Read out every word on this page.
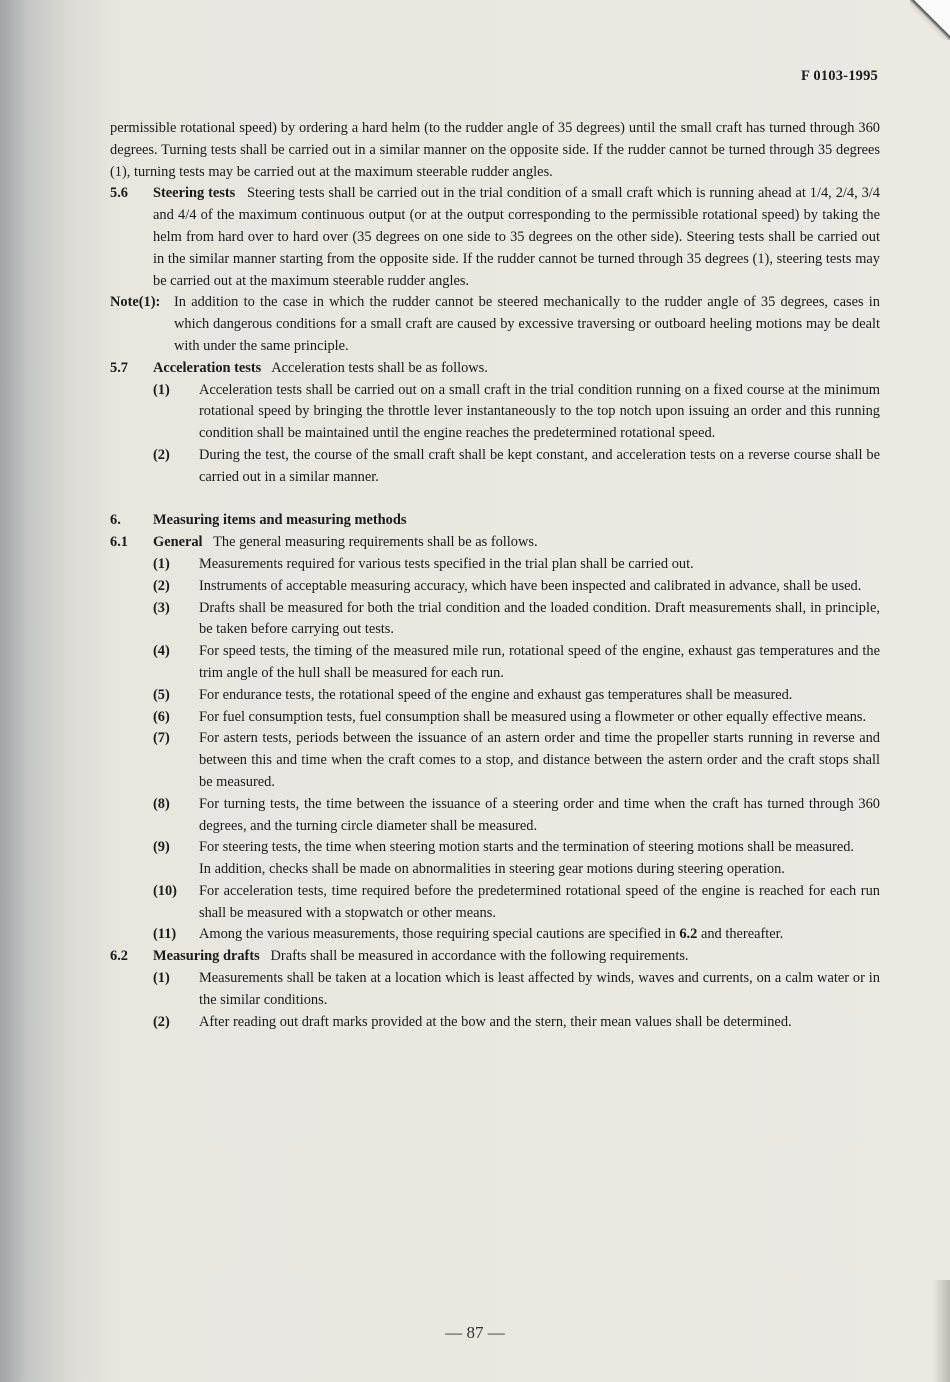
F 0103-1995

permissible rotational speed) by ordering a hard helm (to the rudder angle of 35 degrees) until the small craft has turned through 360 degrees. Turning tests shall be carried out in a similar manner on the opposite side. If the rudder cannot be turned through 35 degrees (1), turning tests may be carried out at the maximum steerable rudder angles.

5.6	Steering tests Steering tests shall be carried out in the trial condition of a small craft which is running ahead at 1/4, 2/4, 3/4 and 4/4 of the maximum continuous output (or at the output corresponding to the permissible rotational speed) by taking the helm from hard over to hard over (35 degrees on one side to 35 degrees on the other side). Steering tests shall be carried out in the similar manner starting from the opposite side. If the rudder cannot be turned through 35 degrees (1), steering tests may be carried out at the maximum steerable rudder angles.
Note(1): In addition to the case in which the rudder cannot be steered mechanically to the rudder angle of 35 degrees, cases in which dangerous conditions for a small craft are caused by excessive traversing or outboard heeling motions may be dealt with under the same principle.
5.7	Acceleration tests Acceleration tests shall be as follows.
(1)	Acceleration tests shall be carried out on a small craft in the trial condition running on a fixed course at the minimum rotational speed by bringing the throttle lever instantaneously to the top notch upon issuing an order and this running condition shall be maintained until the engine reaches the predetermined rotational speed.
(2)	During the test, the course of the small craft shall be kept constant, and acceleration tests on a reverse course shall be carried out in a similar manner.
6.	Measuring items and measuring methods
6.1	General The general measuring requirements shall be as follows.
(1)	Measurements required for various tests specified in the trial plan shall be carried out.
(2)	Instruments of acceptable measuring accuracy, which have been inspected and calibrated in advance, shall be used.
(3)	Drafts shall be measured for both the trial condition and the loaded condition. Draft measurements shall, in principle, be taken before carrying out tests.
(4)	For speed tests, the timing of the measured mile run, rotational speed of the engine, exhaust gas temperatures and the trim angle of the hull shall be measured for each run.
(5)	For endurance tests, the rotational speed of the engine and exhaust gas temperatures shall be measured.
(6)	For fuel consumption tests, fuel consumption shall be measured using a flowmeter or other equally effective means.
(7)	For astern tests, periods between the issuance of an astern order and time the propeller starts running in reverse and between this and time when the craft comes to a stop, and distance between the astern order and the craft stops shall be measured.
(8)	For turning tests, the time between the issuance of a steering order and time when the craft has turned through 360 degrees, and the turning circle diameter shall be measured.
(9)	For steering tests, the time when steering motion starts and the termination of steering motions shall be measured.
In addition, checks shall be made on abnormalities in steering gear motions during steering operation.
(10)	For acceleration tests, time required before the predetermined rotational speed of the engine is reached for each run shall be measured with a stopwatch or other means.
(11)	Among the various measurements, those requiring special cautions are specified in 6.2 and thereafter.
6.2	Measuring drafts Drafts shall be measured in accordance with the following requirements.
(1)	Measurements shall be taken at a location which is least affected by winds, waves and currents, on a calm water or in the similar conditions.
(2)	After reading out draft marks provided at the bow and the stern, their mean values shall be determined.
— 87 —
